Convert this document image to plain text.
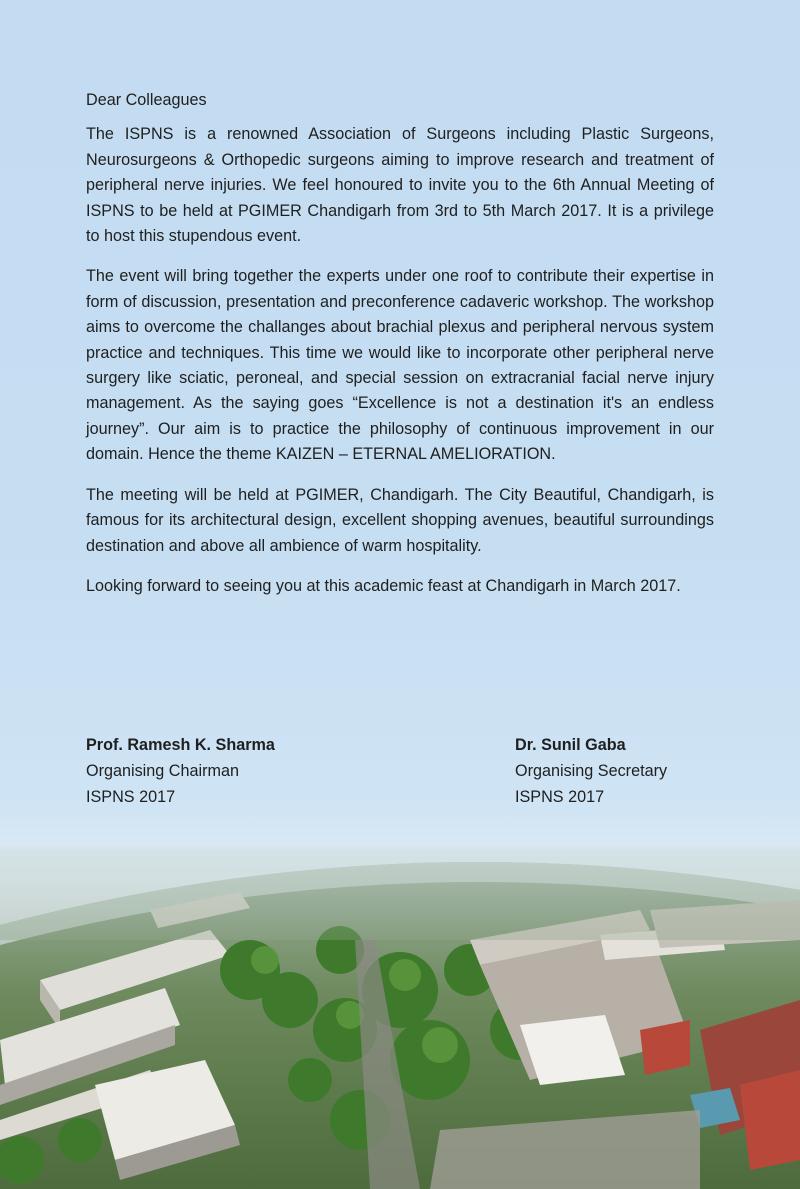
Dear Colleagues

The ISPNS is a renowned Association of Surgeons including Plastic Surgeons, Neurosurgeons & Orthopedic surgeons aiming to improve research and treatment of peripheral nerve injuries. We feel honoured to invite you to the 6th Annual Meeting of ISPNS to be held at PGIMER Chandigarh from 3rd to 5th March 2017. It is a privilege to host this stupendous event.

The event will bring together the experts under one roof to contribute their expertise in form of discussion, presentation and preconference cadaveric workshop. The workshop aims to overcome the challanges about brachial plexus and peripheral nervous system practice and techniques. This time we would like to incorporate other peripheral nerve surgery like sciatic, peroneal, and special session on extracranial facial nerve injury management. As the saying goes “Excellence is not a destination it's an endless journey”. Our aim is to practice the philosophy of continuous improvement in our domain. Hence the theme KAIZEN – ETERNAL AMELIORATION.

The meeting will be held at PGIMER, Chandigarh. The City Beautiful, Chandigarh, is famous for its architectural design, excellent shopping avenues, beautiful surroundings destination and above all ambience of warm hospitality.

Looking forward to seeing you at this academic feast at Chandigarh in March 2017.

Prof. Ramesh K. Sharma
Organising Chairman
ISPNS 2017
Dr. Sunil Gaba
Organising Secretary
ISPNS 2017
